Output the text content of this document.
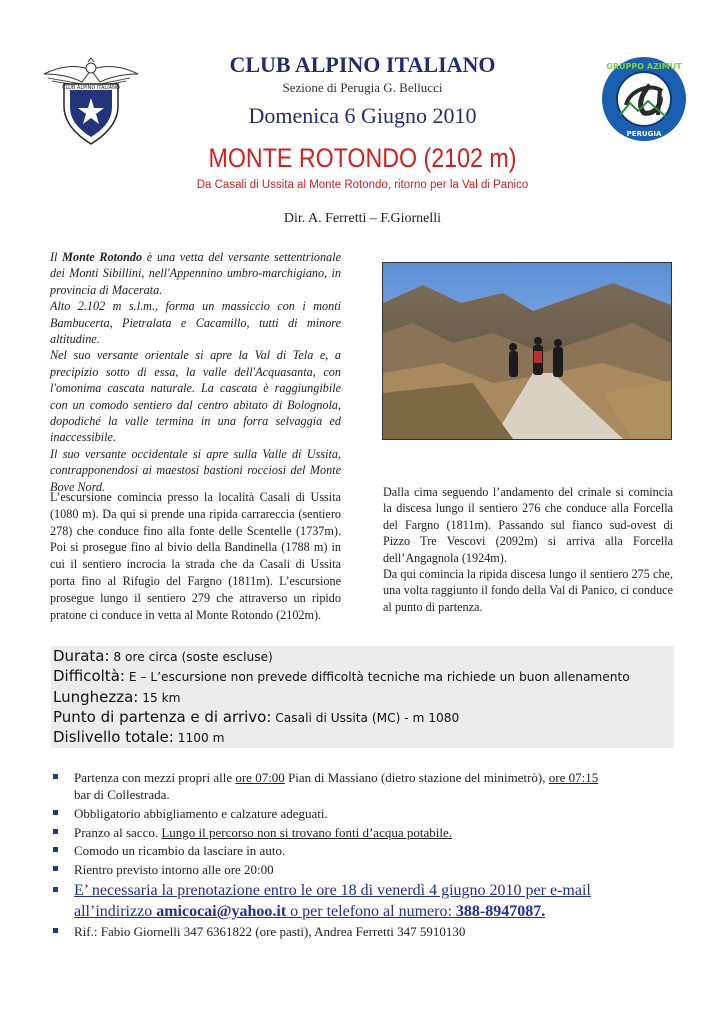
CLUB ALPINO ITALIANO
GRUPPO AZIMUT
PERUGIA
CLUB ALPINO ITALIANO
Sezione di Perugia G. Bellucci
Domenica 6 Giugno 2010
MONTE ROTONDO (2102 m)
Da Casali di Ussita al Monte Rotondo, ritorno per la Val di Panico
Dir. A. Ferretti – F.Giornelli

Il Monte Rotondo è una vetta del versante settentrionale dei Monti Sibillini, nell'Appennino umbro-marchigiano, in provincia di Macerata.

Alto 2.102 m s.l.m., forma un massiccio con i monti Bambucerta, Pietralata e Cacamillo, tutti di minore altitudine.

Nel suo versante orientale si apre la Val di Tela e, a precipizio sotto di essa, la valle dell'Acquasanta, con l'omonima cascata naturale. La cascata è raggiungibile con un comodo sentiero dal centro abitato di Bolognola, dopodiché la valle termina in una forra selvaggia ed inaccessibile.

Il suo versante occidentale si apre sulla Valle di Ussita, contrapponendosi ai maestosi bastioni rocciosi del Monte Bove Nord.

L’escursione comincia presso la località Casali di Ussita (1080 m). Da qui si prende una ripida carrareccia (sentiero 278) che conduce fino alla fonte delle Scentelle (1737m). Poi si prosegue fino al bivio della Bandinella (1788 m) in cui il sentiero incrocia la strada che da Casali di Ussita porta fino al Rifugio del Fargno (1811m). L’escursione prosegue lungo il sentiero 279 che attraverso un ripido pratone ci conduce in vetta al Monte Rotondo (2102m).

Dalla cima seguendo l’andamento del crinale si comincia la discesa lungo il sentiero 276 che conduce alla Forcella del Fargno (1811m). Passando sul fianco sud-ovest di Pizzo Tre Vescovi (2092m) si arriva alla Forcella dell’Angagnola (1924m).

Da qui comincia la ripida discesa lungo il sentiero 275 che, una volta raggiunto il fondo della Val di Panico, ci conduce al punto di partenza.

Durata: 8 ore circa (soste escluse)
Difficoltà: E – L’escursione non prevede difficoltà tecniche ma richiede un buon allenamento
Lunghezza: 15 km
Punto di partenza e di arrivo: Casali di Ussita (MC) - m 1080
Dislivello totale: 1100 m
Partenza con mezzi propri alle ore 07:00 Pian di Massiano (dietro stazione del minimetrò), ore 07:15
bar di Collestrada.
Obbligatorio abbigliamento e calzature adeguati.
Pranzo al sacco. Lungo il percorso non si trovano fonti d’acqua potabile.
Comodo un ricambio da lasciare in auto.
Rientro previsto intorno alle ore 20:00
E’ necessaria la prenotazione entro le ore 18 di venerdì 4 giugno 2010 per e-mail
all’indirizzo amicocai@yahoo.it o per telefono al numero: 388-8947087.
Rif.: Fabio Giornelli 347 6361822 (ore pasti), Andrea Ferretti 347 5910130
